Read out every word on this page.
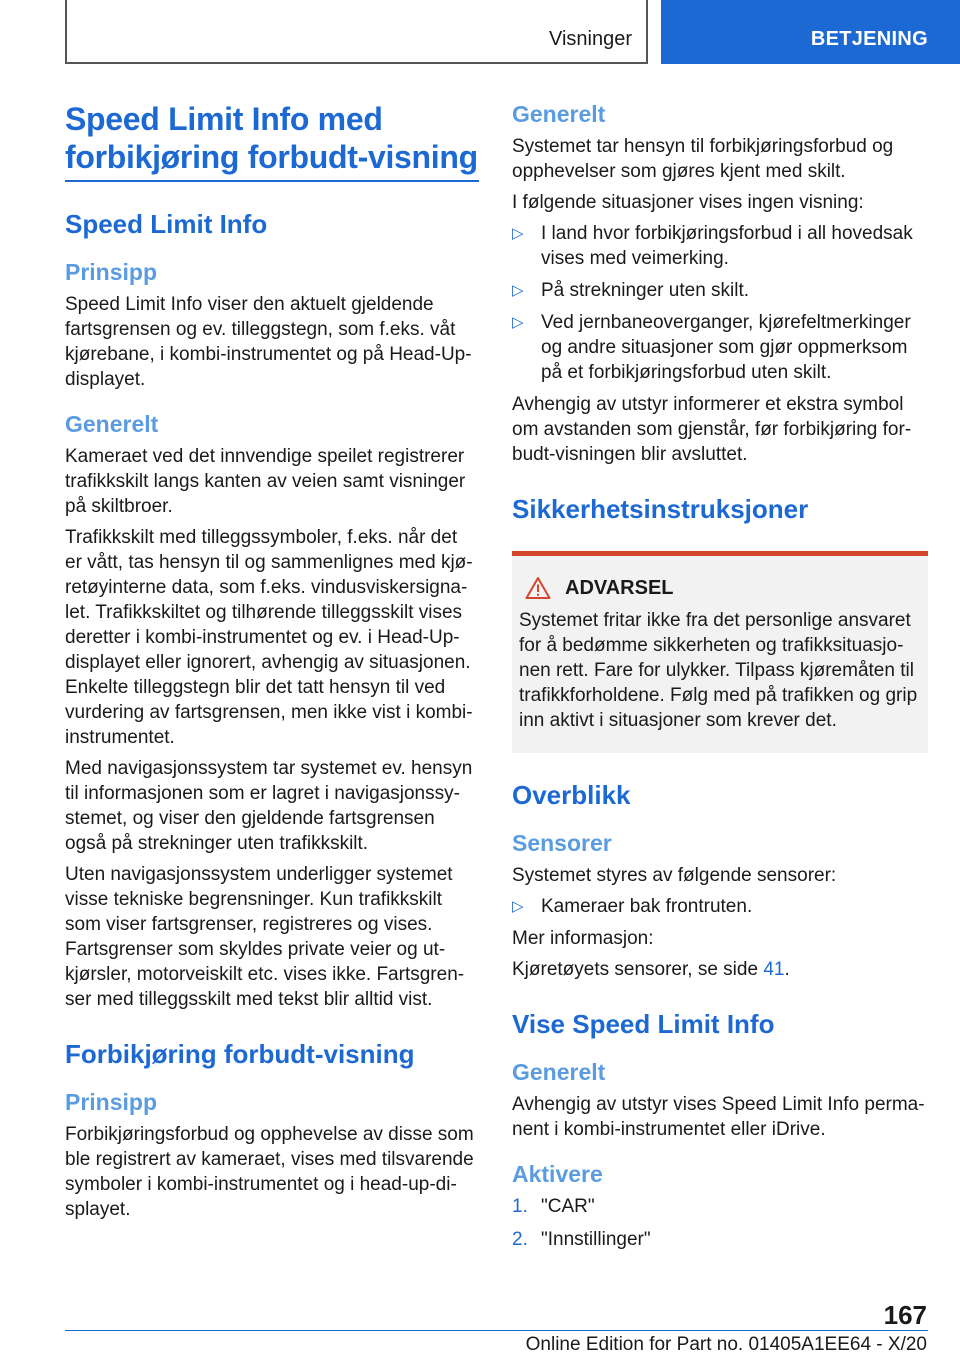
Visninger	BETJENING
Speed Limit Info med forbikjøring forbudt-visning
Speed Limit Info
Prinsipp

Speed Limit Info viser den aktuelt gjeldende fartsgrensen og ev. tilleggstegn, som f.eks. våt kjørebane, i kombi-instrumentet og på Head-Up-displayet.

Generelt

Kameraet ved det innvendige speilet registrerer trafikkskilt langs kanten av veien samt visninger på skiltbroer.

Trafikkskilt med tilleggssymboler, f.eks. når det er vått, tas hensyn til og sammenlignes med kjøretøyinterne data, som f.eks. vindusviskersignalet. Trafikkskiltet og tilhørende tilleggsskilt vises deretter i kombi-instrumentet og ev. i Head-Up-displayet eller ignorert, avhengig av situasjonen. Enkelte tilleggstegn blir det tatt hensyn til ved vurdering av fartsgrensen, men ikke vist i kombi-instrumentet.

Med navigasjonssystem tar systemet ev. hensyn til informasjonen som er lagret i navigasjonssystemet, og viser den gjeldende fartsgrensen også på strekninger uten trafikkskilt.

Uten navigasjonssystem underligger systemet visse tekniske begrensninger. Kun trafikkskilt som viser fartsgrenser, registreres og vises. Fartsgrenser som skyldes private veier og utkjørsler, motorveiskilt etc. vises ikke. Fartsgrenser med tilleggsskilt med tekst blir alltid vist.

Forbikjøring forbudt-visning
Prinsipp

Forbikjøringsforbud og opphevelse av disse som ble registrert av kameraet, vises med tilsvarende symboler i kombi-instrumentet og i head-up-displayet.

Generelt

Systemet tar hensyn til forbikjøringsforbud og opphevelser som gjøres kjent med skilt.

I følgende situasjoner vises ingen visning:

▷ I land hvor forbikjøringsforbud i all hovedsak vises med veimerking.
▷ På strekninger uten skilt.
▷ Ved jernbaneoverganger, kjørefeltmerkinger og andre situasjoner som gjør oppmerksom på et forbikjøringsforbud uten skilt.

Avhengig av utstyr informerer et ekstra symbol om avstanden som gjenstår, før forbikjøring forbudt-visningen blir avsluttet.

Sikkerhetsinstruksjoner
ADVARSEL

Systemet fritar ikke fra det personlige ansvaret for å bedømme sikkerheten og trafikksituasjonen rett. Fare for ulykker. Tilpass kjøremåten til trafikkforholdene. Følg med på trafikken og grip inn aktivt i situasjoner som krever det.

Overblikk
Sensorer

Systemet styres av følgende sensorer:

▷ Kameraer bak frontruten.

Mer informasjon:

Kjøretøyets sensorer, se side 41.

Vise Speed Limit Info
Generelt

Avhengig av utstyr vises Speed Limit Info permanent i kombi-instrumentet eller iDrive.

Aktivere
1. "CAR"
2. "Innstillinger"
167
Online Edition for Part no. 01405A1EE64 - X/20
